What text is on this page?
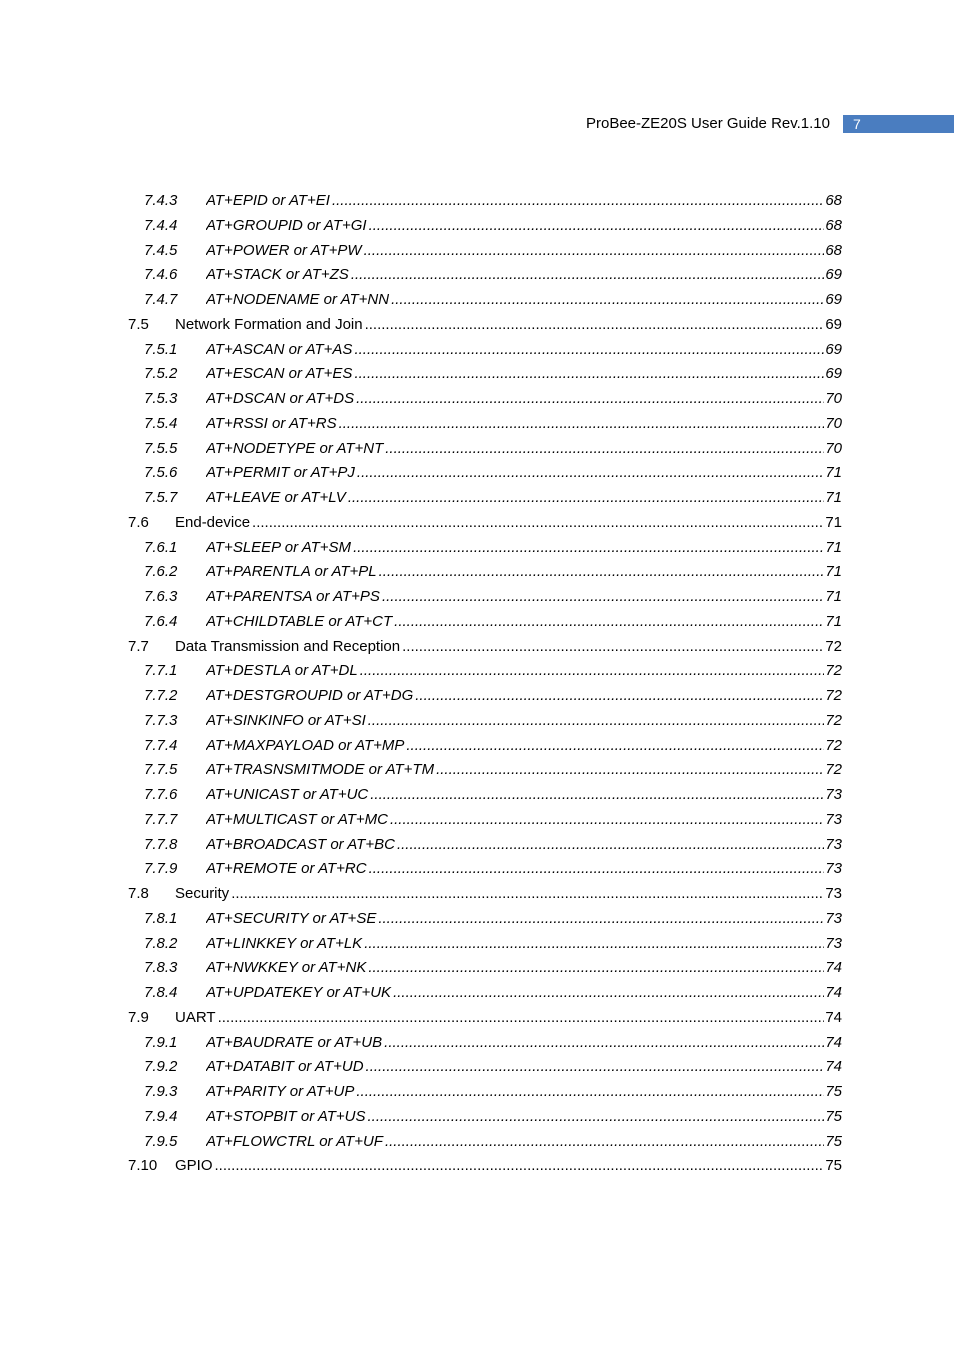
ProBee-ZE20S User Guide Rev.1.10	7
7.4.3 AT+EPID or AT+EI .....	68
7.4.4 AT+GROUPID or AT+GI .....	68
7.4.5 AT+POWER or AT+PW .....	68
7.4.6 AT+STACK or AT+ZS .....	69
7.4.7 AT+NODENAME or AT+NN .....	69
7.5 Network Formation and Join .....	69
7.5.1 AT+ASCAN or AT+AS .....	69
7.5.2 AT+ESCAN or AT+ES .....	69
7.5.3 AT+DSCAN or AT+DS .....	70
7.5.4 AT+RSSI or AT+RS .....	70
7.5.5 AT+NODETYPE or AT+NT .....	70
7.5.6 AT+PERMIT or AT+PJ .....	71
7.5.7 AT+LEAVE or AT+LV .....	71
7.6 End-device .....	71
7.6.1 AT+SLEEP or AT+SM .....	71
7.6.2 AT+PARENTLA or AT+PL .....	71
7.6.3 AT+PARENTSA or AT+PS .....	71
7.6.4 AT+CHILDTABLE or AT+CT .....	71
7.7 Data Transmission and Reception .....	72
7.7.1 AT+DESTLA or AT+DL .....	72
7.7.2 AT+DESTGROUPID or AT+DG .....	72
7.7.3 AT+SINKINFO or AT+SI .....	72
7.7.4 AT+MAXPAYLOAD or AT+MP .....	72
7.7.5 AT+TRASNSMITMODE or AT+TM .....	72
7.7.6 AT+UNICAST or AT+UC .....	73
7.7.7 AT+MULTICAST or AT+MC .....	73
7.7.8 AT+BROADCAST or AT+BC .....	73
7.7.9 AT+REMOTE or AT+RC .....	73
7.8 Security .....	73
7.8.1 AT+SECURITY or AT+SE .....	73
7.8.2 AT+LINKKEY or AT+LK .....	73
7.8.3 AT+NWKKEY or AT+NK .....	74
7.8.4 AT+UPDATEKEY or AT+UK .....	74
7.9 UART .....	74
7.9.1 AT+BAUDRATE or AT+UB .....	74
7.9.2 AT+DATABIT or AT+UD .....	74
7.9.3 AT+PARITY or AT+UP .....	75
7.9.4 AT+STOPBIT or AT+US .....	75
7.9.5 AT+FLOWCTRL or AT+UF .....	75
7.10 GPIO .....	75
